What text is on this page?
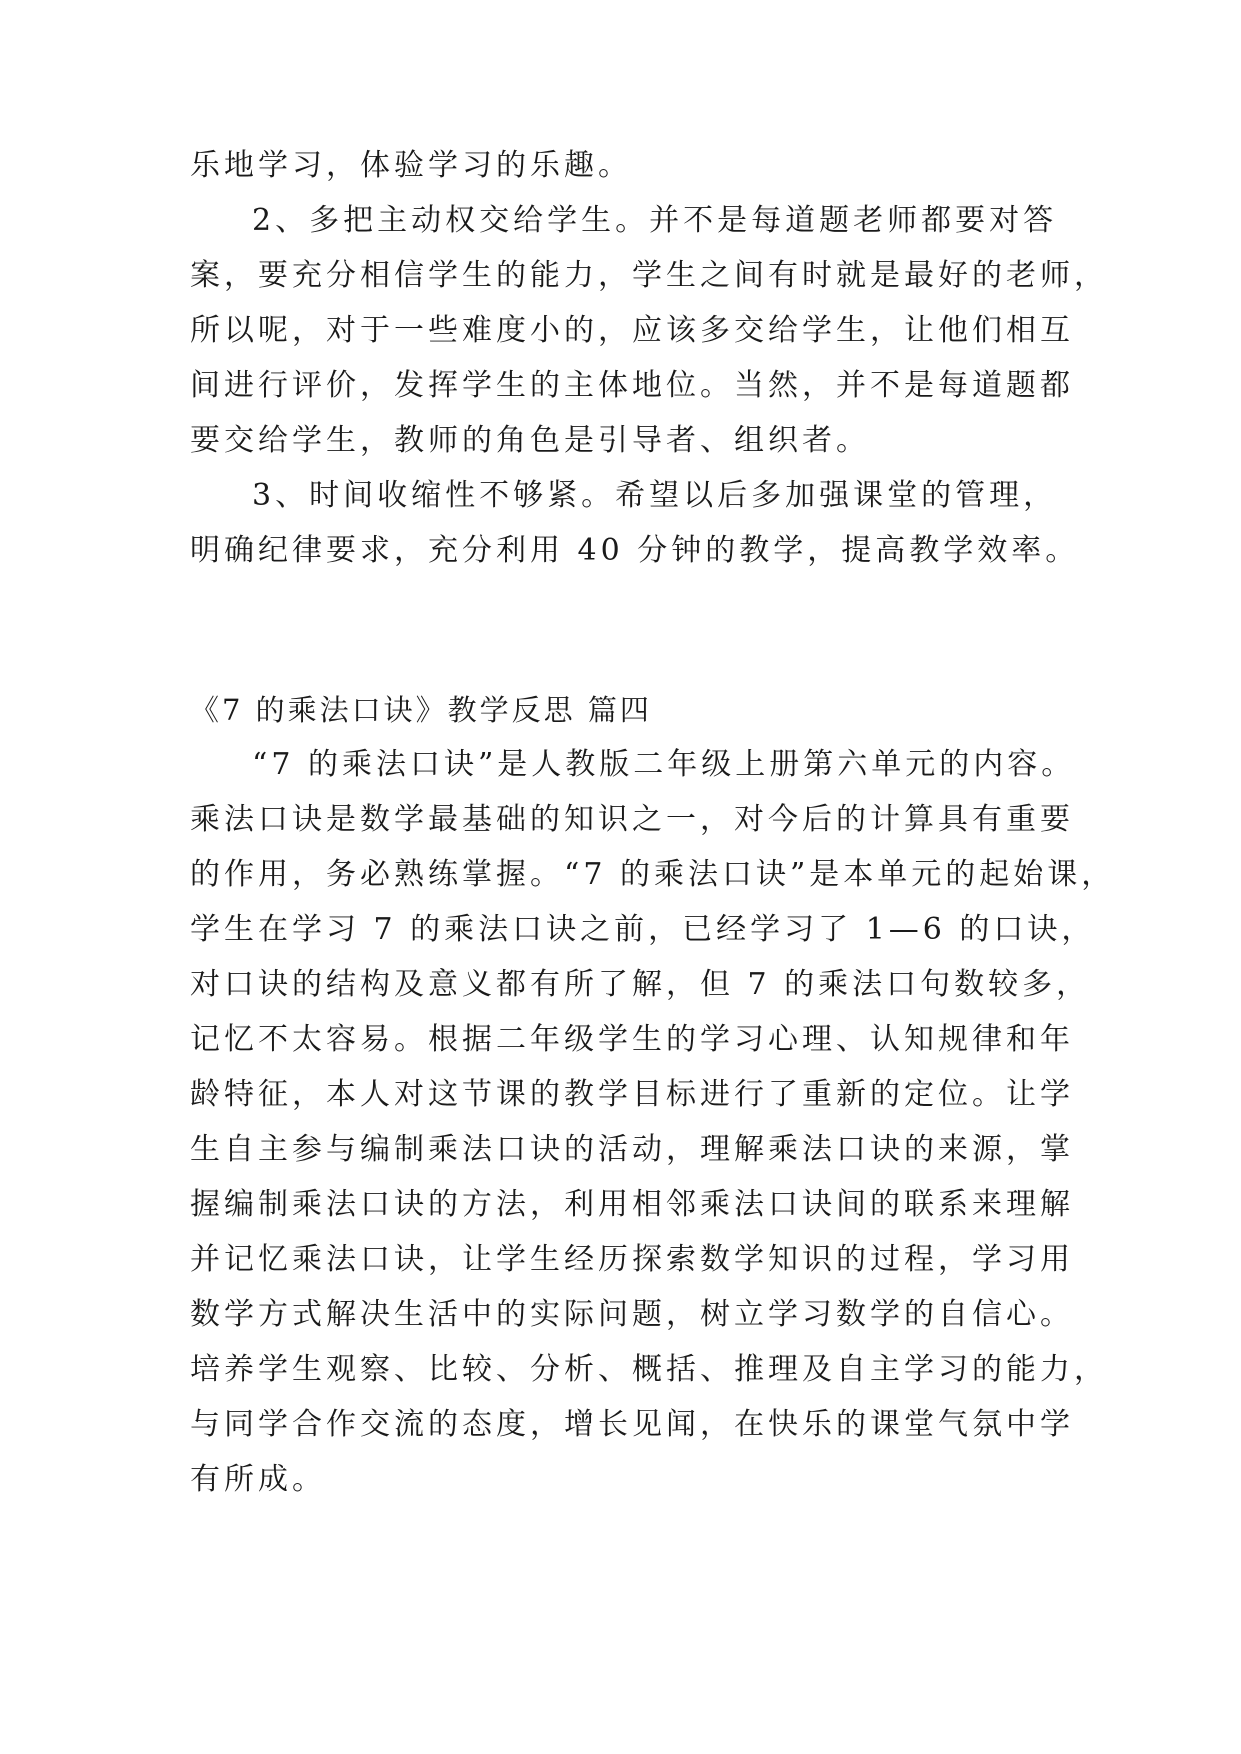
乐地学习，体验学习的乐趣。
2、多把主动权交给学生。并不是每道题老师都要对答
案，要充分相信学生的能力，学生之间有时就是最好的老师，
所以呢，对于一些难度小的，应该多交给学生，让他们相互
间进行评价，发挥学生的主体地位。当然，并不是每道题都
要交给学生，教师的角色是引导者、组织者。
3、时间收缩性不够紧。希望以后多加强课堂的管理，
明确纪律要求，充分利用 40 分钟的教学，提高教学效率。
《7 的乘法口诀》教学反思 篇四
“7 的乘法口诀”是人教版二年级上册第六单元的内容。
乘法口诀是数学最基础的知识之一，对今后的计算具有重要
的作用，务必熟练掌握。“7 的乘法口诀”是本单元的起始课，
学生在学习 7 的乘法口诀之前，已经学习了 1—6 的口诀，
对口诀的结构及意义都有所了解，但 7 的乘法口句数较多，
记忆不太容易。根据二年级学生的学习心理、认知规律和年
龄特征，本人对这节课的教学目标进行了重新的定位。让学
生自主参与编制乘法口诀的活动，理解乘法口诀的来源，掌
握编制乘法口诀的方法，利用相邻乘法口诀间的联系来理解
并记忆乘法口诀，让学生经历探索数学知识的过程，学习用
数学方式解决生活中的实际问题，树立学习数学的自信心。
培养学生观察、比较、分析、概括、推理及自主学习的能力，
与同学合作交流的态度，增长见闻，在快乐的课堂气氛中学
有所成。
